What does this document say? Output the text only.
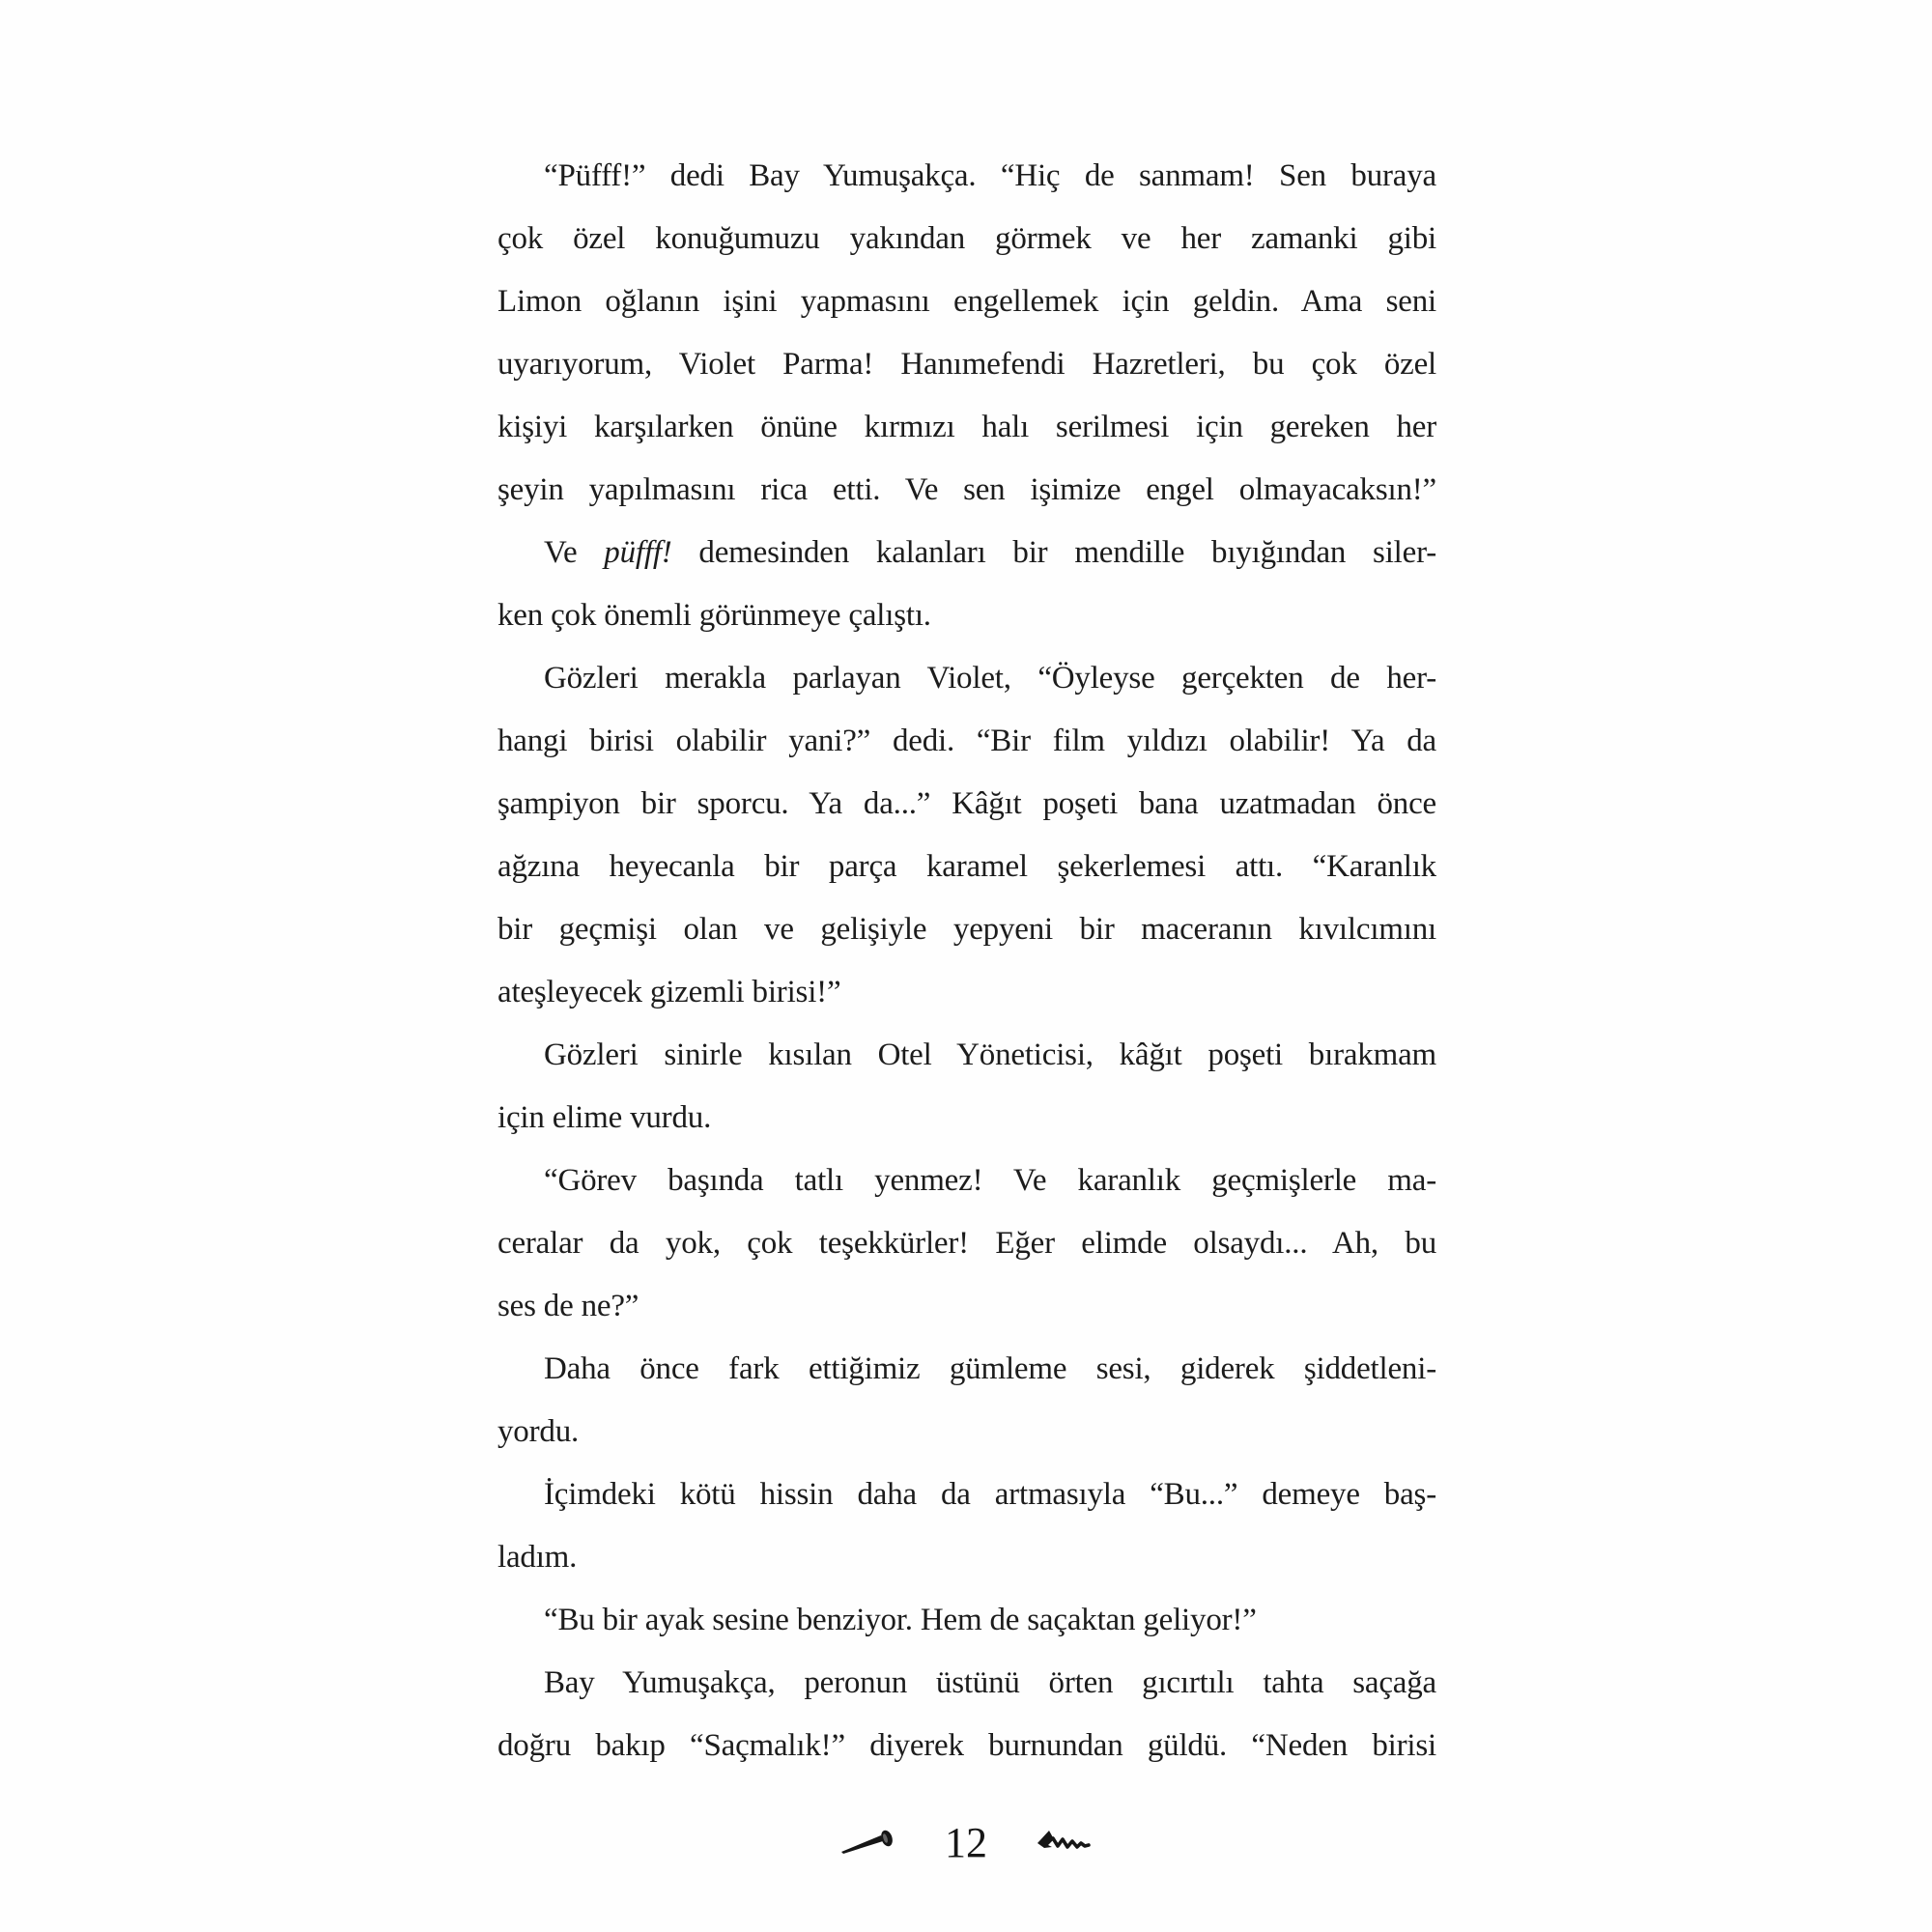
“Püfff!” dedi Bay Yumuşakça. “Hiç de sanmam! Sen buraya

çok özel konuğumuzu yakından görmek ve her zamanki gibi

Limon oğlanın işini yapmasını engellemek için geldin. Ama seni

uyarıyorum, Violet Parma! Hanımefendi Hazretleri, bu çok özel

kişiyi karşılarken önüne kırmızı halı serilmesi için gereken her

şeyin yapılmasını rica etti. Ve sen işimize engel olmayacaksın!”

Ve püfff! demesinden kalanları bir mendille bıyığından siler-

ken çok önemli görünmeye çalıştı.

Gözleri merakla parlayan Violet, “Öyleyse gerçekten de her-

hangi birisi olabilir yani?” dedi. “Bir film yıldızı olabilir! Ya da

şampiyon bir sporcu. Ya da...” Kâğıt poşeti bana uzatmadan önce

ağzına heyecanla bir parça karamel şekerlemesi attı. “Karanlık

bir geçmişi olan ve gelişiyle yepyeni bir maceranın kıvılcımını

ateşleyecek gizemli birisi!”

Gözleri sinirle kısılan Otel Yöneticisi, kâğıt poşeti bırakmam

için elime vurdu.

“Görev başında tatlı yenmez! Ve karanlık geçmişlerle ma-

ceralar da yok, çok teşekkürler! Eğer elimde olsaydı... Ah, bu

ses de ne?”

Daha önce fark ettiğimiz gümleme sesi, giderek şiddetleni-

yordu.

İçimdeki kötü hissin daha da artmasıyla “Bu...” demeye baş-

ladım.

“Bu bir ayak sesine benziyor. Hem de saçaktan geliyor!”

Bay Yumuşakça, peronun üstünü örten gıcırtılı tahta saçağa

doğru bakıp “Saçmalık!” diyerek burnundan güldü. “Neden birisi

12
